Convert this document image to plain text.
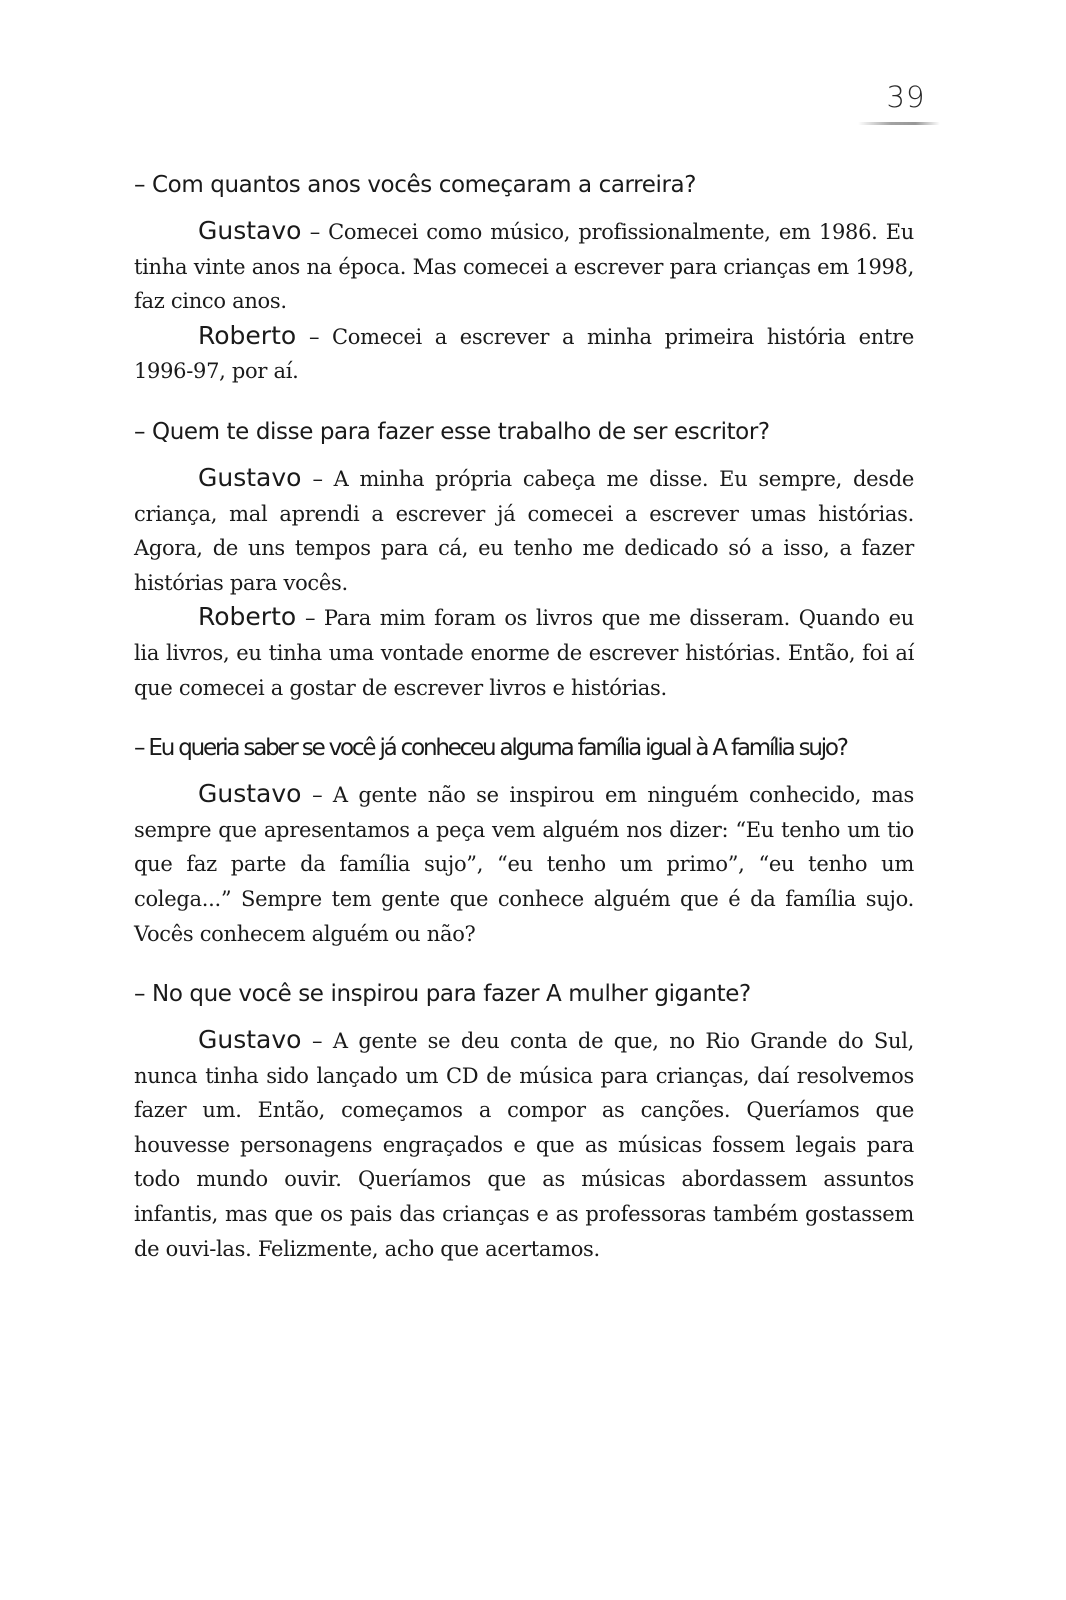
39

– Com quantos anos vocês começaram a carreira?

Gustavo – Comecei como músico, profissionalmente, em 1986. Eu tinha vinte anos na época. Mas comecei a escrever para crianças em 1998, faz cinco anos.

Roberto – Comecei a escrever a minha primeira história entre 1996-97, por aí.

– Quem te disse para fazer esse trabalho de ser escritor?

Gustavo – A minha própria cabeça me disse. Eu sempre, desde criança, mal aprendi a escrever já comecei a escrever umas histórias. Agora, de uns tempos para cá, eu tenho me dedicado só a isso, a fazer histórias para vocês.

Roberto – Para mim foram os livros que me disseram. Quando eu lia livros, eu tinha uma vontade enorme de escrever histórias. Então, foi aí que comecei a gostar de escrever livros e histórias.

– Eu queria saber se você já conheceu alguma família igual à A família sujo?

Gustavo – A gente não se inspirou em ninguém conhecido, mas sempre que apresentamos a peça vem alguém nos dizer: “Eu tenho um tio que faz parte da família sujo”, “eu tenho um primo”, “eu tenho um colega...” Sempre tem gente que conhece alguém que é da família sujo. Vocês conhecem alguém ou não?

– No que você se inspirou para fazer A mulher gigante?

Gustavo – A gente se deu conta de que, no Rio Grande do Sul, nunca tinha sido lançado um CD de música para crianças, daí resolvemos fazer um. Então, começamos a compor as canções. Queríamos que houvesse personagens engraçados e que as músicas fossem legais para todo mundo ouvir. Queríamos que as músicas abordassem assuntos infantis, mas que os pais das crianças e as professoras também gostassem de ouvi-las. Felizmente, acho que acertamos.
